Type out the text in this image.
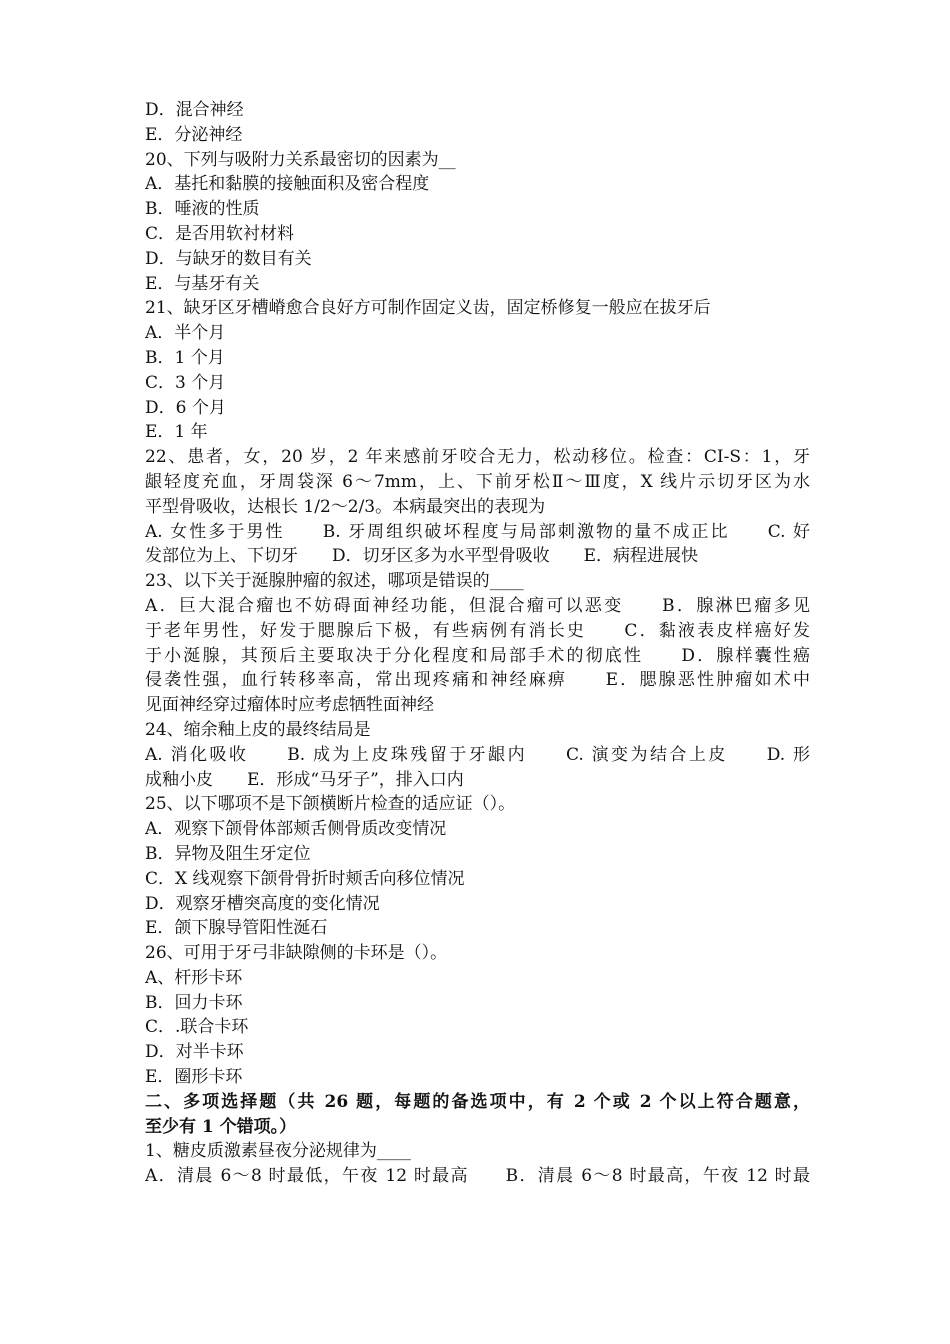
D．混合神经
E．分泌神经
20、下列与吸附力关系最密切的因素为__
A．基托和黏膜的接触面积及密合程度
B．唾液的性质
C．是否用软衬材料
D．与缺牙的数目有关
E．与基牙有关
21、缺牙区牙槽嵴愈合良好方可制作固定义齿，固定桥修复一般应在拔牙后
A．半个月
B．1 个月
C．3 个月
D．6 个月
E．1 年
22、患者，女，20 岁，2 年来感前牙咬合无力，松动移位。检查：CI-S：1，牙
龈轻度充血，牙周袋深 6～7mm，上、下前牙松Ⅱ～Ⅲ度，X 线片示切牙区为水
平型骨吸收，达根长 1/2～2/3。本病最突出的表现为
A. 女性多于男性　　B. 牙周组织破坏程度与局部刺激物的量不成正比　　C. 好
发部位为上、下切牙　　D．切牙区多为水平型骨吸收　　E．病程进展快
23、以下关于涎腺肿瘤的叙述，哪项是错误的____
A．巨大混合瘤也不妨碍面神经功能，但混合瘤可以恶变　　B．腺淋巴瘤多见
于老年男性，好发于腮腺后下极，有些病例有消长史　　C．黏液表皮样癌好发
于小涎腺，其预后主要取决于分化程度和局部手术的彻底性　　D．腺样囊性癌
侵袭性强，血行转移率高，常出现疼痛和神经麻痹　　E．腮腺恶性肿瘤如术中
见面神经穿过瘤体时应考虑牺牲面神经
24、缩余釉上皮的最终结局是
A. 消化吸收　　B. 成为上皮珠残留于牙龈内　　C. 演变为结合上皮　　D. 形
成釉小皮　　E．形成“马牙子”，排入口内
25、以下哪项不是下颌横断片检查的适应证（）。
A．观察下颌骨体部颊舌侧骨质改变情况
B．异物及阻生牙定位
C．X 线观察下颌骨骨折时颊舌向移位情况
D．观察牙槽突高度的变化情况
E．颌下腺导管阳性涎石
26、可用于牙弓非缺隙侧的卡环是（）。
A、杆形卡环
B．回力卡环
C．.联合卡环
D．对半卡环
E．圈形卡环
二、多项选择题（共 26 题，每题的备选项中，有 2 个或 2 个以上符合题意，
至少有 1 个错项。）
1、糖皮质激素昼夜分泌规律为____
A．清晨 6～8 时最低，午夜 12 时最高　　B．清晨 6～8 时最高，午夜 12 时最
